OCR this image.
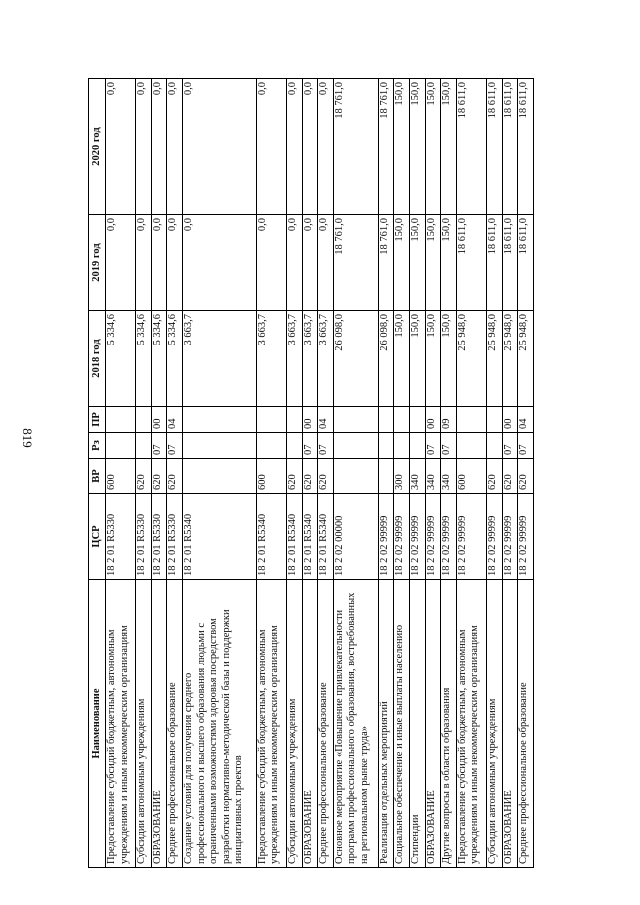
819
Наименование	ЦСР	ВР	Рз	ПР	2018 год	2019 год	2020 год
Предоставление субсидий бюджетным, автономным учреждениям и иным некоммерческим организациям	18 2 01 R5330	600			5 334,6	0,0	0,0
Субсидии автономным учреждениям	18 2 01 R5330	620			5 334,6	0,0	0,0
ОБРАЗОВАНИЕ	18 2 01 R5330	620	07	00	5 334,6	0,0	0,0
Среднее профессиональное образование	18 2 01 R5330	620	07	04	5 334,6	0,0	0,0
Создание условий для получения среднего профессионального и высшего образования людьми с ограниченными возможностями здоровья посредством разработки нормативно-методической базы и поддержки инициативных проектов	18 2 01 R5340				3 663,7	0,0	0,0
Предоставление субсидий бюджетным, автономным учреждениям и иным некоммерческим организациям	18 2 01 R5340	600			3 663,7	0,0	0,0
Субсидии автономным учреждениям	18 2 01 R5340	620			3 663,7	0,0	0,0
ОБРАЗОВАНИЕ	18 2 01 R5340	620	07	00	3 663,7	0,0	0,0
Среднее профессиональное образование	18 2 01 R5340	620	07	04	3 663,7	0,0	0,0
Основное мероприятие «Повышение привлекательности программ профессионального образования, востребованных на региональном рынке труда»	18 2 02 00000				26 098,0	18 761,0	18 761,0
Реализация отдельных мероприятий	18 2 02 99999				26 098,0	18 761,0	18 761,0
Социальное обеспечение и иные выплаты населению	18 2 02 99999	300			150,0	150,0	150,0
Стипендии	18 2 02 99999	340			150,0	150,0	150,0
ОБРАЗОВАНИЕ	18 2 02 99999	340	07	00	150,0	150,0	150,0
Другие вопросы в области образования	18 2 02 99999	340	07	09	150,0	150,0	150,0
Предоставление субсидий бюджетным, автономным учреждениям и иным некоммерческим организациям	18 2 02 99999	600			25 948,0	18 611,0	18 611,0
Субсидии автономным учреждениям	18 2 02 99999	620			25 948,0	18 611,0	18 611,0
ОБРАЗОВАНИЕ	18 2 02 99999	620	07	00	25 948,0	18 611,0	18 611,0
Среднее профессиональное образование	18 2 02 99999	620	07	04	25 948,0	18 611,0	18 611,0
